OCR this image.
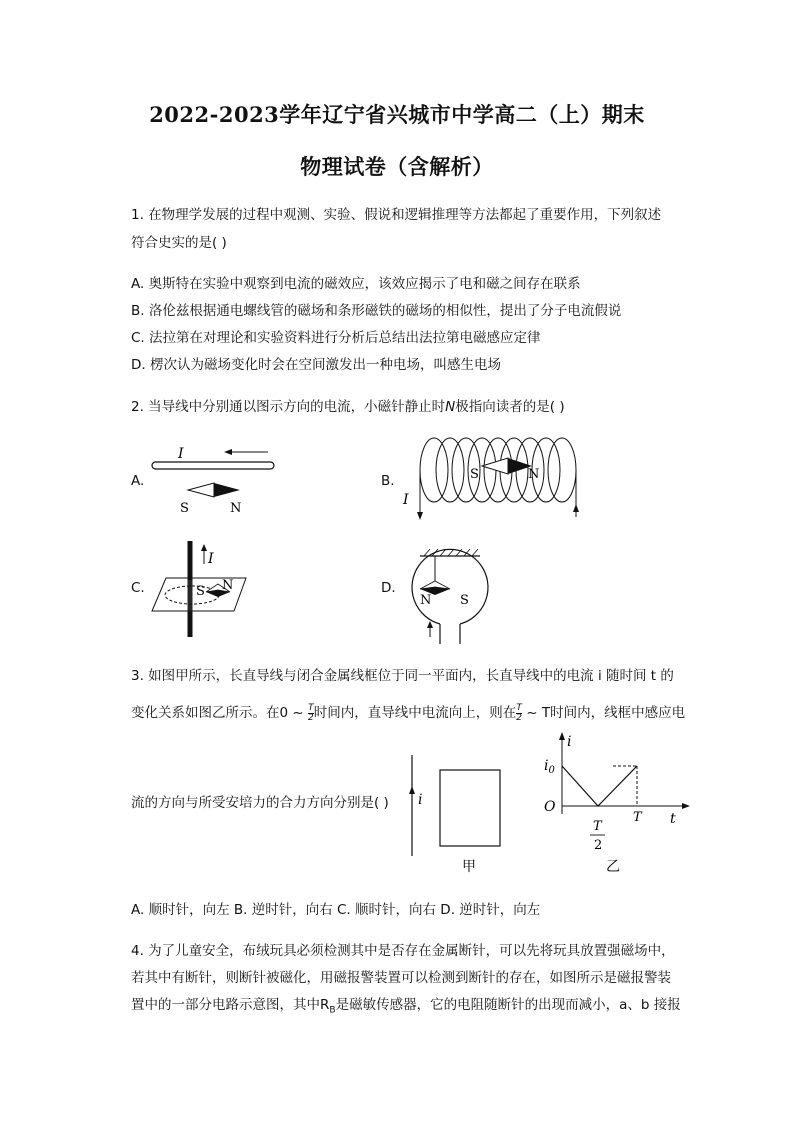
2022-2023学年辽宁省兴城市中学高二（上）期末
物理试卷（含解析）
1. 在物理学发展的过程中观测、实验、假说和逻辑推理等方法都起了重要作用，下列叙述
符合史实的是( )
A. 奥斯特在实验中观察到电流的磁效应，该效应揭示了电和磁之间存在联系
B. 洛伦兹根据通电螺线管的磁场和条形磁铁的磁场的相似性，提出了分子电流假说
C. 法拉第在对理论和实验资料进行分析后总结出法拉第电磁感应定律
D. 楞次认为磁场变化时会在空间激发出一种电场，叫感生电场
2. 当导线中分别通以图示方向的电流，小磁针静止时N极指向读者的是( )
A.	B.
C.	D.
I
S	N
I
S	N
I
S N
N S
3. 如图甲所示，长直导线与闭合金属线框位于同一平面内，长直导线中的电流 i 随时间 t 的
变化关系如图乙所示。在0 ~ $\frac{T}{2}$ 时间内，直导线中电流向上，则在$\frac{T}{2}$ ~ T时间内，线框中感应电
流的方向与所受安培力的合力方向分别是( ) i
甲
i
$i_0$
O
T
2
T t
乙
A. 顺时针，向左 B. 逆时针，向右 C. 顺时针，向右 D. 逆时针，向左
4. 为了儿童安全，布绒玩具必须检测其中是否存在金属断针，可以先将玩具放置强磁场中，
若其中有断针，则断针被磁化，用磁报警装置可以检测到断针的存在，如图所示是磁报警装
置中的一部分电路示意图，其中$R_B$是磁敏传感器，它的电阻随断针的出现而减小，a、b 接报
